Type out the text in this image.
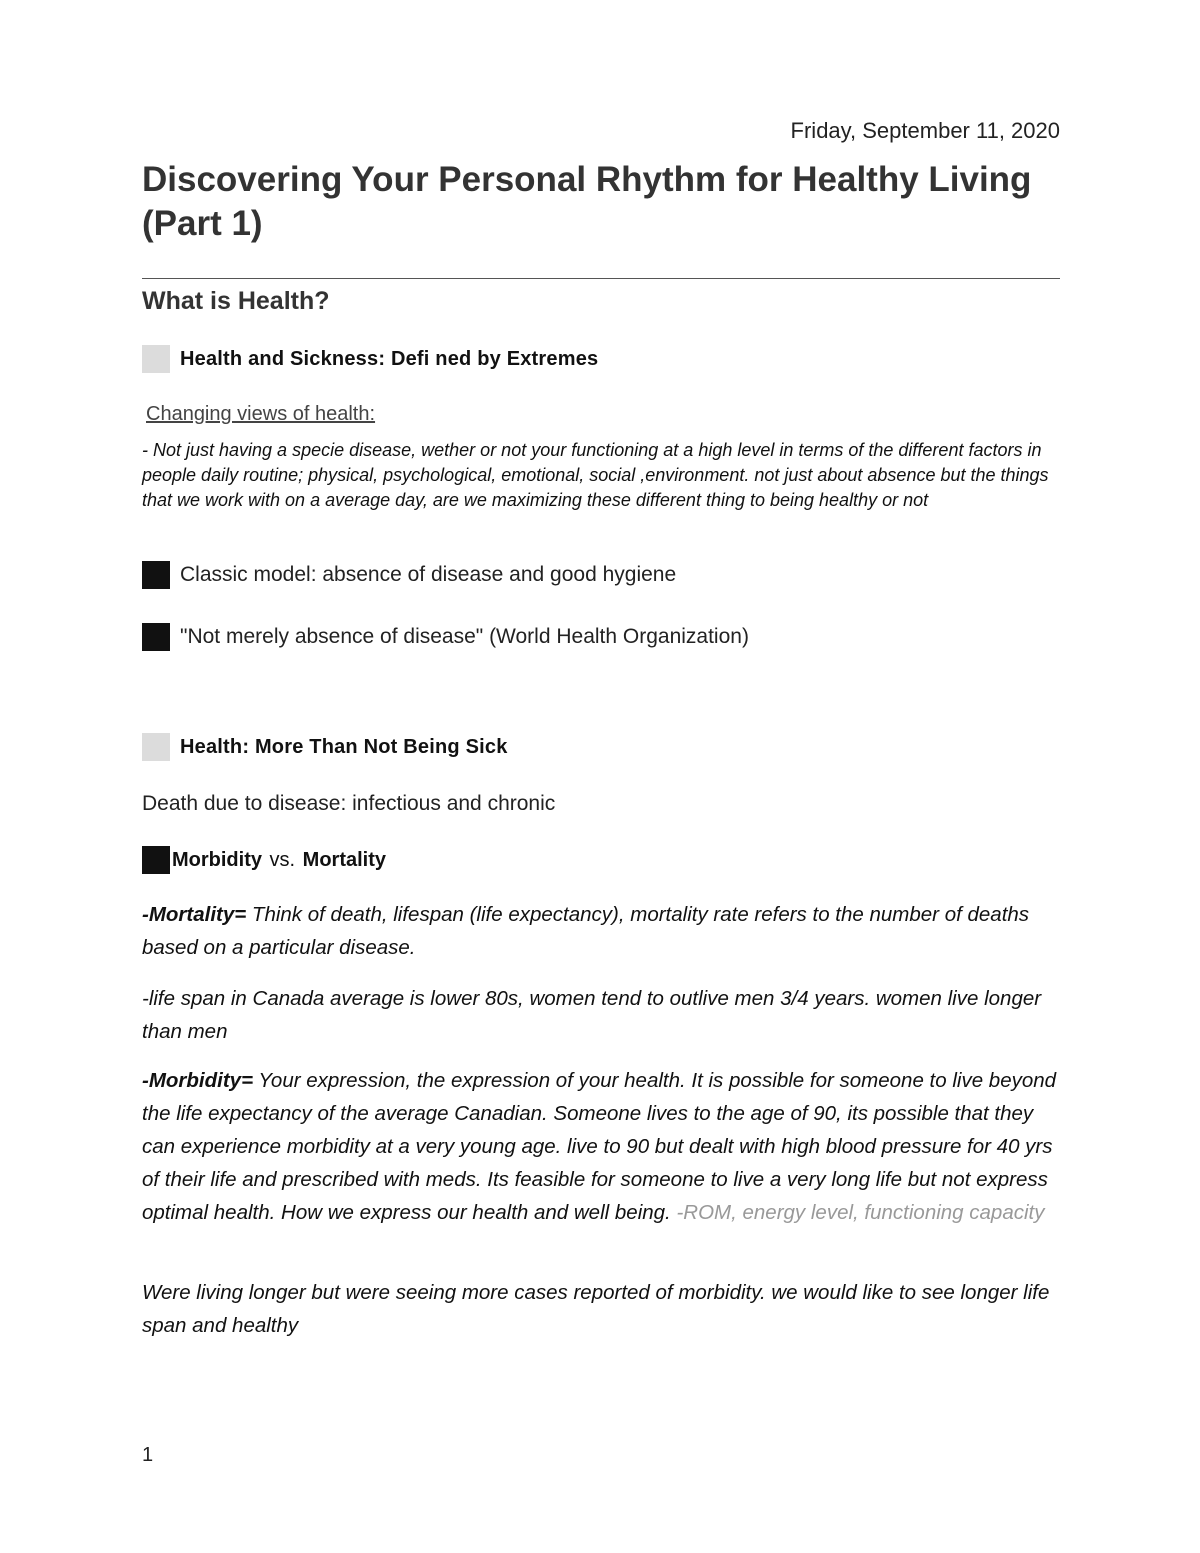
Friday, September 11, 2020
Discovering Your Personal Rhythm for Healthy Living (Part 1)
What is Health?
Health and Sickness: Defi ned by Extremes
Changing views of health:
- Not just having a specie disease, wether or not your functioning at a high level in terms of the different factors in people daily routine; physical, psychological, emotional, social ,environment. not just about absence but the things that we work with on a average day, are we maximizing these different thing to being healthy or not
Classic model: absence of disease and good hygiene
"Not merely absence of disease" (World Health Organization)
Health: More Than Not Being Sick
Death due to disease: infectious and chronic
Morbidity vs. Mortality

-Mortality= Think of death, lifespan (life expectancy), mortality rate refers to the number of deaths based on a particular disease.

-life span in Canada average is lower 80s, women tend to outlive men 3/4 years. women live longer than men

-Morbidity= Your expression, the expression of your health. It is possible for someone to live beyond the life expectancy of the average Canadian. Someone lives to the age of 90, its possible that they can experience morbidity at a very young age. live to 90 but dealt with high blood pressure for 40 yrs of their life and prescribed with meds. Its feasible for someone to live a very long life but not express optimal health. How we express our health and well being. -ROM, energy level, functioning capacity

Were living longer but were seeing more cases reported of morbidity. we would like to see longer life span and healthy

1
